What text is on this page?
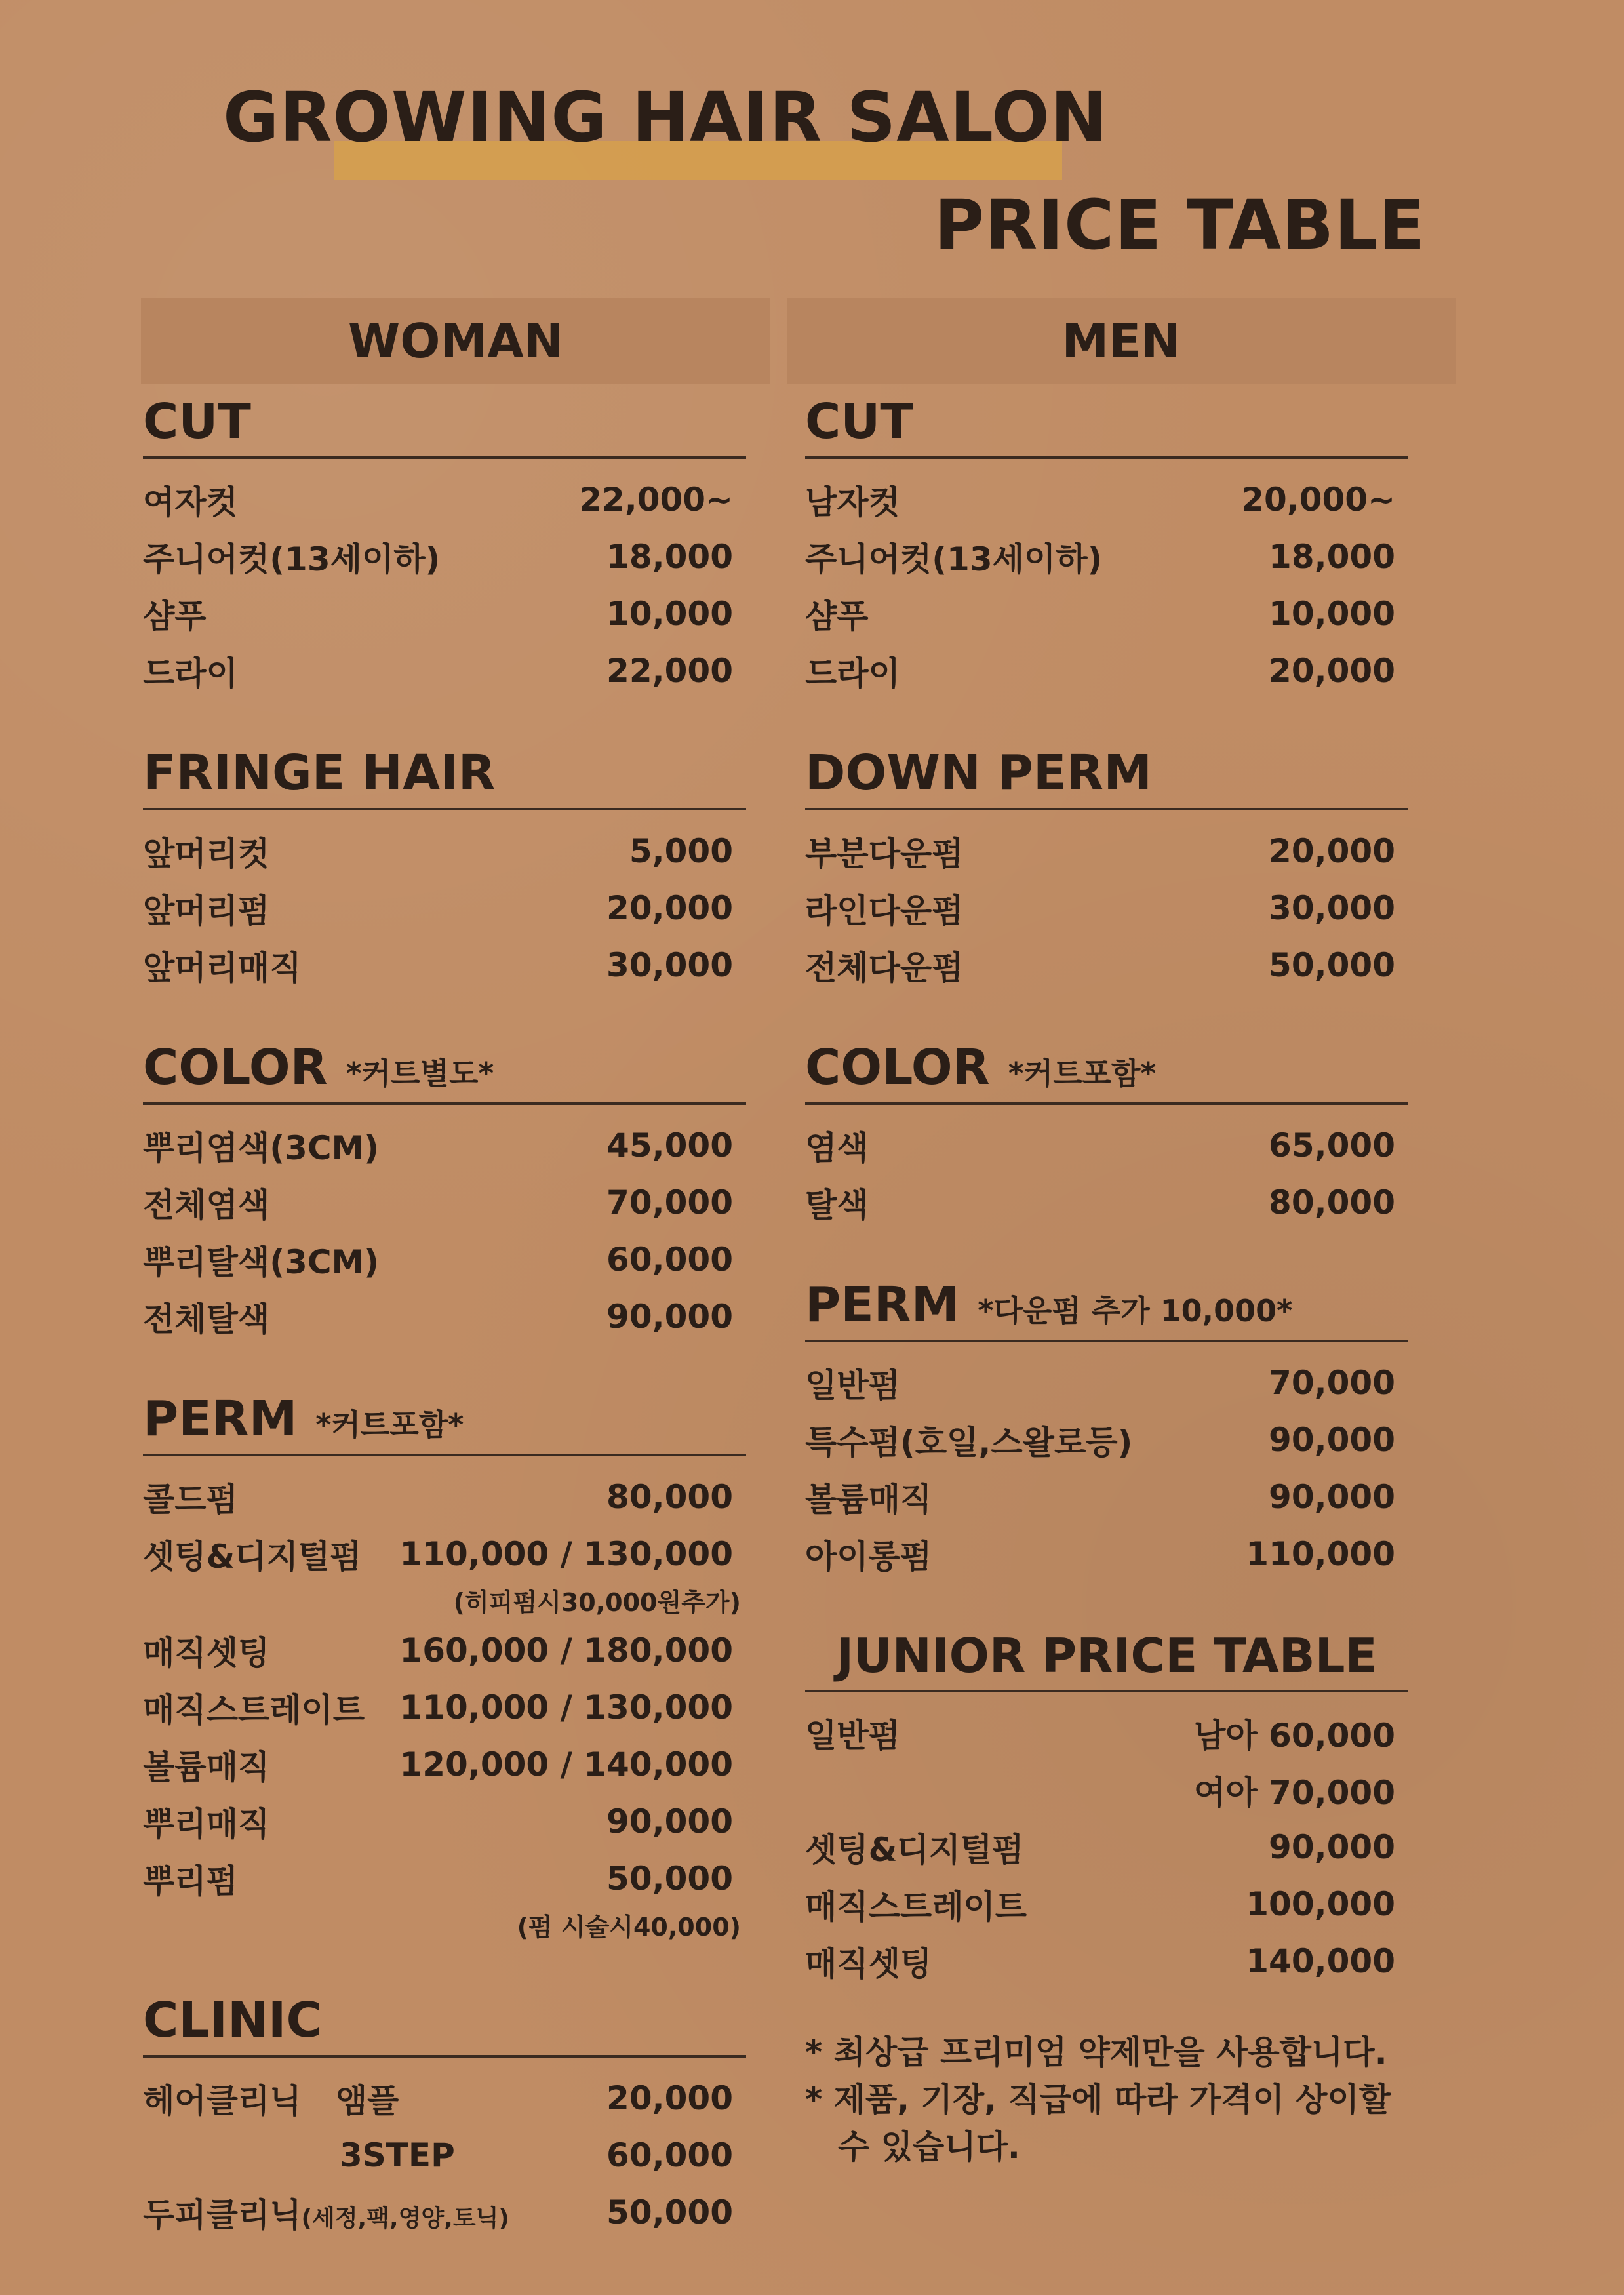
GROWING HAIR SALON
PRICE TABLE
WOMAN	MEN
CUT
여자컷	22,000~
주니어컷(13세이하)	18,000
샴푸	10,000
드라이	22,000
FRINGE HAIR
앞머리컷	5,000
앞머리펌	20,000
앞머리매직	30,000
COLOR *커트별도*
뿌리염색(3CM)	45,000
전체염색	70,000
뿌리탈색(3CM)	60,000
전체탈색	90,000
PERM *커트포함*
콜드펌	80,000
셋팅&디지털펌 110,000 / 130,000
(히피펌시30,000원추가)
매직셋팅	160,000 / 180,000
매직스트레이트 110,000 / 130,000
볼륨매직	120,000 / 140,000
뿌리매직	90,000
뿌리펌	50,000
(펌 시술시40,000)
CLINIC
헤어클리닉 앰플	20,000
3STEP	60,000
두피클리닉(세정,팩,영양,토닉)	50,000
CUT
남자컷	20,000~
주니어컷(13세이하)	18,000
샴푸	10,000
드라이	20,000
DOWN PERM
부분다운펌	20,000
라인다운펌	30,000
전체다운펌	50,000
COLOR *커트포함*
염색	65,000
탈색	80,000
PERM *다운펌 추가 10,000*
일반펌	70,000
특수펌(호일,스왈로등)	90,000
볼륨매직	90,000
아이롱펌	110,000
JUNIOR PRICE TABLE
일반펌	남아 60,000
여아 70,000
셋팅&디지털펌	90,000
매직스트레이트	100,000
매직셋팅	140,000
* 최상급 프리미엄 약제만을 사용합니다.
* 제품, 기장, 직급에 따라 가격이 상이할 수 있습니다.
